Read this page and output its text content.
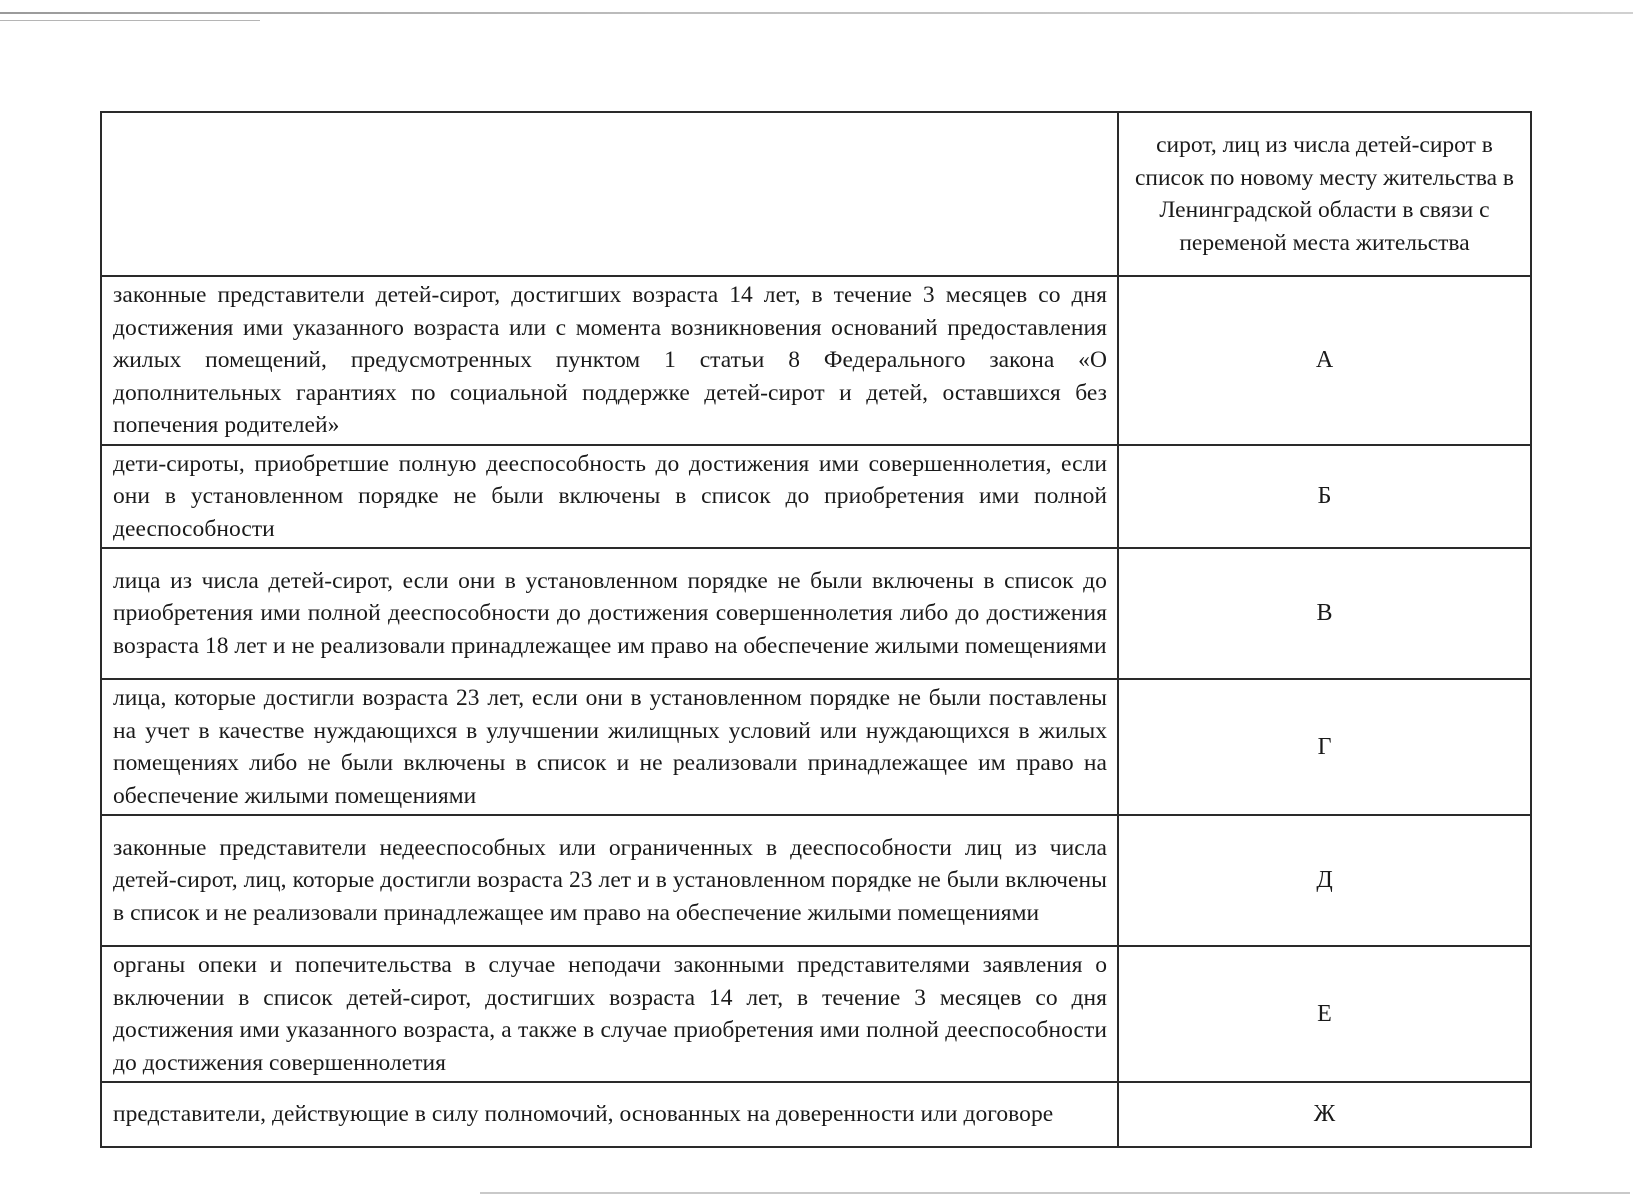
	сирот, лиц из числа детей-сирот в список по новому месту жительства в Ленинградской области в связи с переменой места жительства

законные представители детей-сирот, достигших возраста 14 лет, в течение 3 месяцев со дня достижения ими указанного возраста или с момента возникновения оснований предоставления жилых помещений, предусмотренных пунктом 1 статьи 8 Федерального закона «О дополнительных гарантиях по социальной поддержке детей-сирот и детей, оставшихся без попечения родителей»	А

дети-сироты, приобретшие полную дееспособность до достижения ими совершеннолетия, если они в установленном порядке не были включены в список до приобретения ими полной дееспособности	Б

лица из числа детей-сирот, если они в установленном порядке не были включены в список до приобретения ими полной дееспособности до достижения совершеннолетия либо до достижения возраста 18 лет и не реализовали принадлежащее им право на обеспечение жилыми помещениями	В

лица, которые достигли возраста 23 лет, если они в установленном порядке не были поставлены на учет в качестве нуждающихся в улучшении жилищных условий или нуждающихся в жилых помещениях либо не были включены в список и не реализовали принадлежащее им право на обеспечение жилыми помещениями	Г

законные представители недееспособных или ограниченных в дееспособности лиц из числа детей-сирот, лиц, которые достигли возраста 23 лет и в установленном порядке не были включены в список и не реализовали принадлежащее им право на обеспечение жилыми помещениями	Д

органы опеки и попечительства в случае неподачи законными представителями заявления о включении в список детей-сирот, достигших возраста 14 лет, в течение 3 месяцев со дня достижения ими указанного возраста, а также в случае приобретения ими полной дееспособности до достижения совершеннолетия	Е

представители, действующие в силу полномочий, основанных на доверенности или договоре	Ж
